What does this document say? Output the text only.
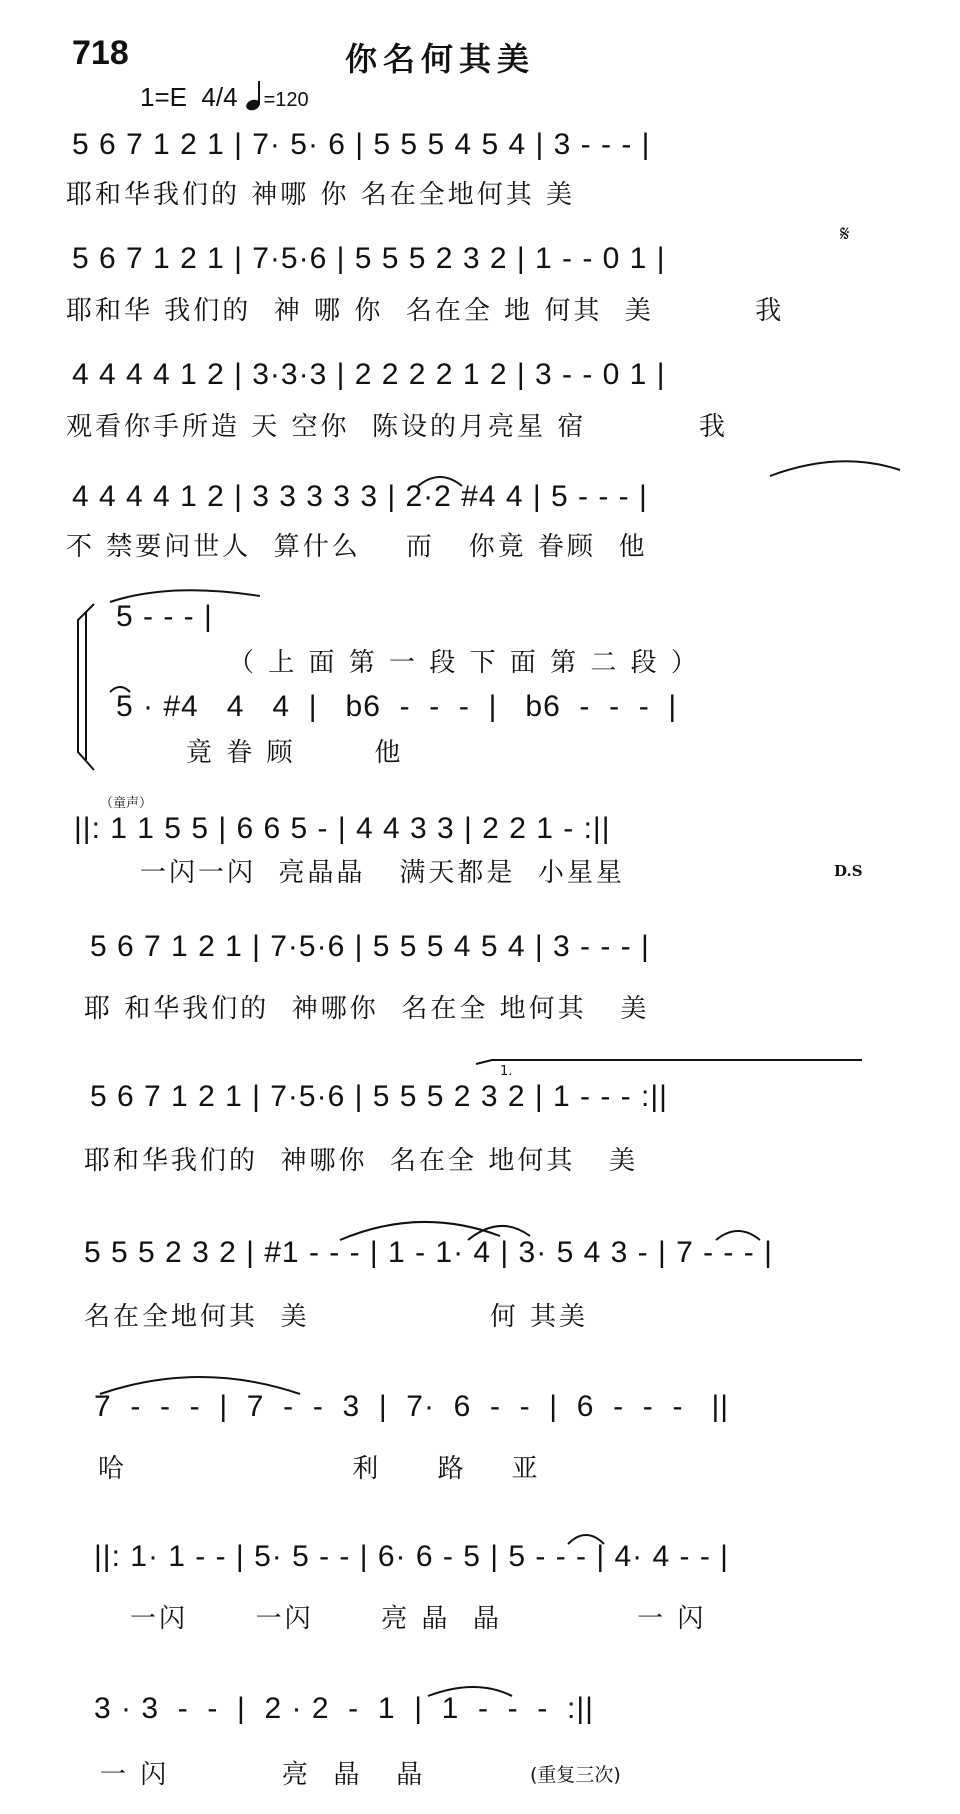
718	你名何其美
1=E  4/4 =120
5 6 7 1 2 1 | 7· 5· 6 | 5 5 5 4 5 4 | 3 - - - |
耶和华我们的 神哪 你 名在全地何其 美
5 6 7 1 2 1 | 7·5·6 | 5 5 5 2 3 2 | 1 - - 0 1 |
𝄋
耶和华 我们的  神 哪 你  名在全 地 何其  美         我
4 4 4 4 1 2 | 3·3·3 | 2 2 2 2 1 2 | 3 - - 0 1 |
观看你手所造 天 空你  陈设的月亮星 宿          我
4 4 4 4 1 2 | 3 3 3 3 3 | 2·2 #4 4 | 5 - - - |
不 禁要问世人  算什么    而   你竟 眷顾  他
5 - - - |
（ 上 面 第 一 段 下 面 第 二 段 ）
5 · #4   4   4  |   b6  -  -  -  |   b6  -  -  -  |
竟 眷 顾       他
（童声）
||: 1 1 5 5 | 6 6 5 - | 4 4 3 3 | 2 2 1 - :||
一闪一闪  亮晶晶   满天都是  小星星	D.S
5 6 7 1 2 1 | 7·5·6 | 5 5 5 4 5 4 | 3 - - - |
耶 和华我们的  神哪你  名在全 地何其   美
5 6 7 1 2 1 | 7·5·6 | 5 5 5 2 3 2 | 1 - - - :||
1.
耶和华我们的  神哪你  名在全 地何其   美
5 5 5 2 3 2 | #1 - - - | 1 - 1· 4 | 3· 5 4 3 - | 7 - - - |
名在全地何其  美                何 其美
7  -  -  -  |  7  -  -  3  |  7·  6  -  -  |  6  -  -  -   ||
哈                    利     路    亚
||: 1· 1 - - | 5· 5 - - | 6· 6 - 5 | 5 - - - | 4· 4 - - |
一闪      一闪      亮 晶  晶            一 闪
3 · 3  -  -  |  2 · 2  -  1  |  1  -  -  -  :||
一 闪          亮  晶   晶	(重复三次)
